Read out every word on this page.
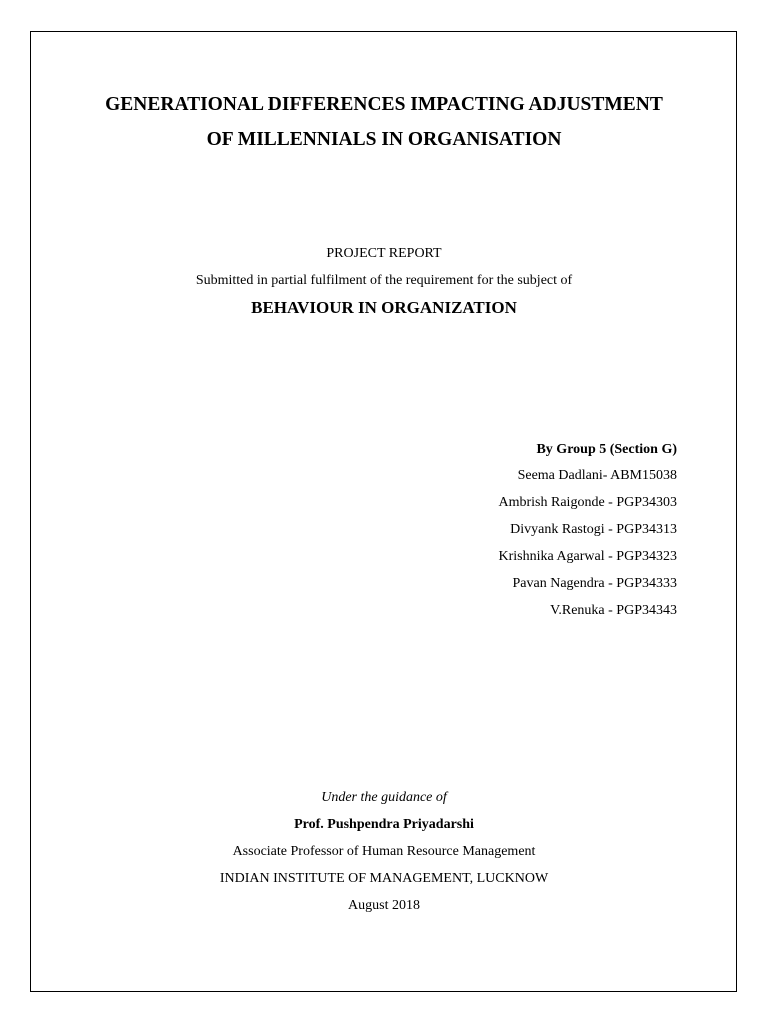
GENERATIONAL DIFFERENCES IMPACTING ADJUSTMENT
OF MILLENNIALS IN ORGANISATION
PROJECT REPORT
Submitted in partial fulfilment of the requirement for the subject of
BEHAVIOUR IN ORGANIZATION
By Group 5 (Section G)
Seema Dadlani- ABM15038
Ambrish Raigonde - PGP34303
Divyank Rastogi - PGP34313
Krishnika Agarwal - PGP34323
Pavan Nagendra - PGP34333
V.Renuka - PGP34343
Under the guidance of
Prof. Pushpendra Priyadarshi
Associate Professor of Human Resource Management
INDIAN INSTITUTE OF MANAGEMENT, LUCKNOW
August 2018
